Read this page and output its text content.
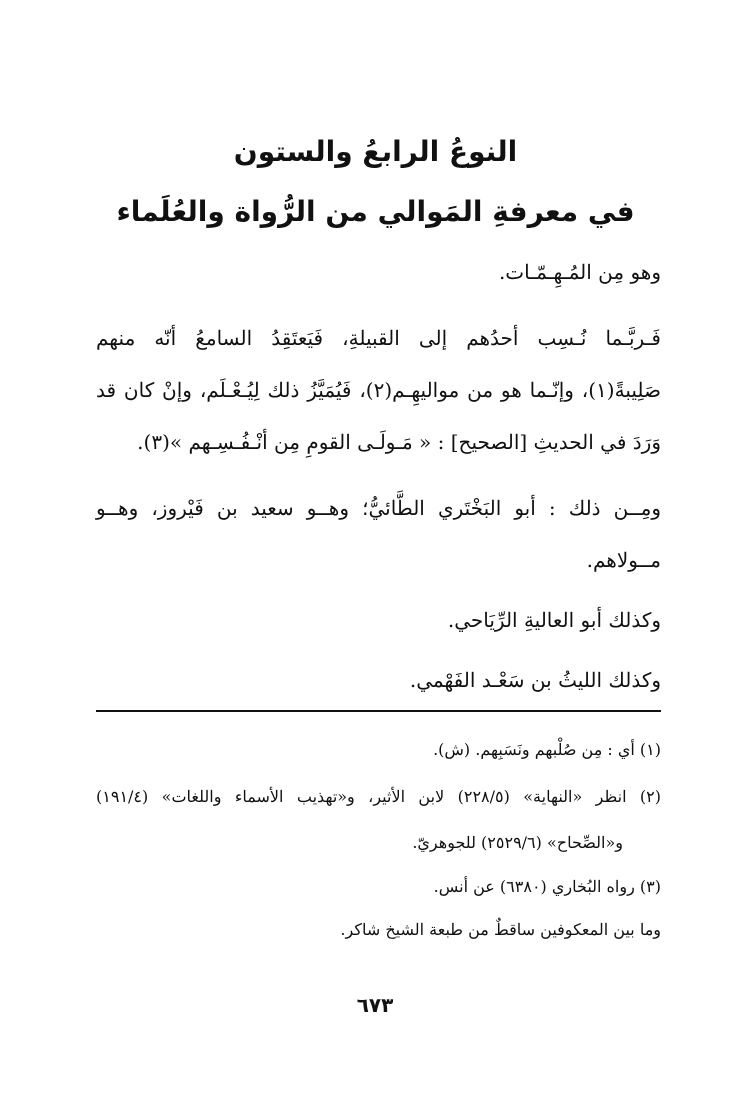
النوعُ الرابعُ والستون
في معرفةِ المَوالي من الرُّواة والعُلَماء
وهو مِن المُـهِـمّـات.
فَـربَّـما نُـسِب أحدُهم إلى القبيلةِ، فَيَعتَقِدُ السامعُ أنّه منهم
صَلِيبةً(١)، وإنّـما هو من مواليهِـم(٢)، فَيُمَيَّزُ ذلك لِيُـعْـلَم، وإنْ كان قد
وَرَدَ في الحديثِ [الصحيح] : « مَـولَـى القومِ مِن أنْـفُـسِـهم »(٣).
ومِــن ذلك : أبو البَخْتَري الطَّائيُّ؛ وهــو سعيد بن فَيْروز، وهــو
مــولاهم.
وكذلك أبو العاليةِ الرِّيَاحي.
وكذلك الليثُ بن سَعْـد الفَهْمي.
(١) أي : مِن صُلْبهم ونَسَبِهم. (ش).
(٢) انظر «النهاية» (٢٢٨/٥) لابن الأثير، و«تهذيب الأسماء واللغات» (١٩١/٤)
و«الصِّحاح» (٢٥٢٩/٦) للجوهريّ.
(٣) رواه البُخاري (٦٣٨٠) عن أنس.
وما بين المعكوفين ساقطٌ من طبعة الشيخ شاكر.
٦٧٣
